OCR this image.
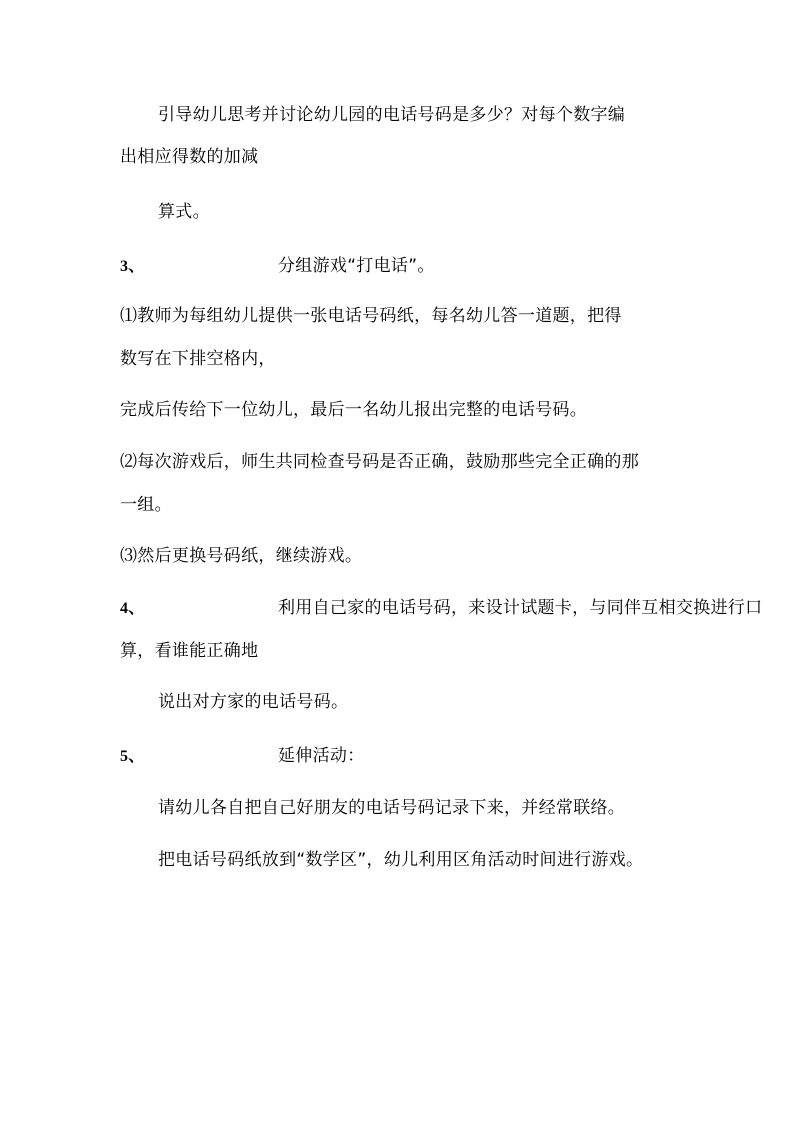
引导幼儿思考并讨论幼儿园的电话号码是多少？对每个数字编
出相应得数的加减
算式。
3、	分组游戏“打电话”。
⑴教师为每组幼儿提供一张电话号码纸，每名幼儿答一道题，把得
数写在下排空格内，
完成后传给下一位幼儿，最后一名幼儿报出完整的电话号码。
⑵每次游戏后，师生共同检查号码是否正确，鼓励那些完全正确的那
一组。
⑶然后更换号码纸，继续游戏。
4、	利用自己家的电话号码，来设计试题卡，与同伴互相交换进行口
算，看谁能正确地
说出对方家的电话号码。
5、	延伸活动：
请幼儿各自把自己好朋友的电话号码记录下来，并经常联络。
把电话号码纸放到“数学区”，幼儿利用区角活动时间进行游戏。
